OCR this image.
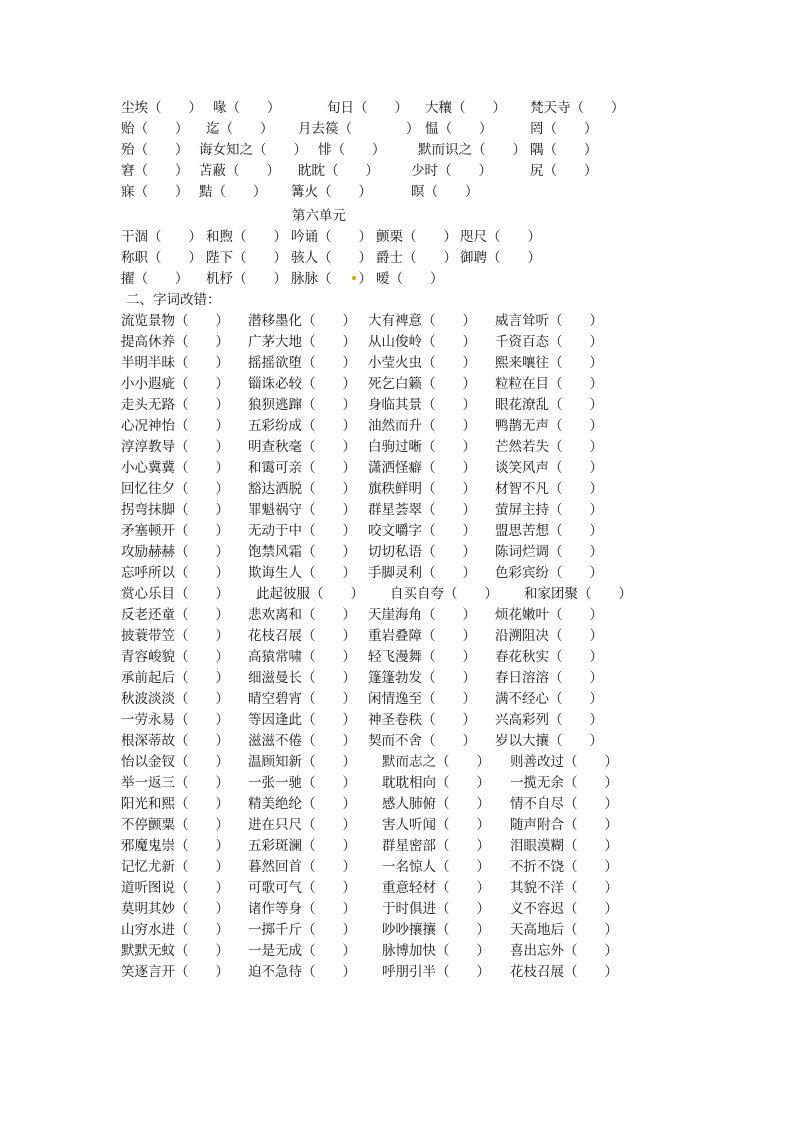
第六单元
二、字词改错：
尘埃（　　） 喙（　　）	旬日（　　） 大穰（　　） 梵天寺（　　）
贻（　　） 迄（　　） 月去篌（　　　　） 愠（　　）	罔（　　）
殆（　　） 诲女知之（　　） 悱（　　） 默而识之（　　） 隅（　　）
窘（　　） 苫蔽（　　） 眈眈（　　） 少时（　　）	尻（　　）
寐（　　） 黠（　　） 篝火（　　）	暝（　　）
干涸（　　） 和煦（　　） 吟诵（　　） 颤栗（　　） 咫尺（　　）
称职（　　） 陛下（　　） 骇人（　　） 爵士（　　） 御聘（　　）
擢（　　） 机杼（　　） 脉脉（　　） 嗳（　　）
流览景物（　　） 潜移墨化（　　） 大有裨意（　　） 威言耸听（　　）
提高休养（　　） 广茅大地（　　） 从山俊岭（　　） 千资百态（　　）
半明半昧（　　） 摇摇欲堕（　　） 小莹火虫（　　） 熙来嚷往（　　）
小小遐疵（　　） 锱诛必较（　　） 死乞白籁（　　） 粒粒在目（　　）
走头无路（　　） 狼狈逃蹿（　　） 身临其景（　　） 眼花潦乱（　　）
心况神怡（　　） 五彩纷成（　　） 油然而升（　　） 鸭鹊无声（　　）
淳淳教导（　　） 明查秋毫（　　） 白驹过晰（　　） 芒然若失（　　）
小心冀冀（　　） 和霭可亲（　　） 潇洒怪癖（　　） 谈笑风声（　　）
回忆往夕（　　） 豁达洒脱（　　） 旗秩鲜明（　　） 材智不凡（　　）
拐弯抹脚（　　） 罪魁祸守（　　） 群星荟翠（　　） 萤屏主持（　　）
矛塞顿开（　　） 无动于中（　　） 咬文嚼字（　　） 盟思苦想（　　）
攻励赫赫（　　） 饱禁风霜（　　） 切切私语（　　） 陈词烂调（　　）
忘呼所以（　　） 欺诲生人（　　） 手脚灵利（　　） 色彩宾纷（　　）
赏心乐目（　　） 此起彼服（　　） 自买自夸（　　） 和家团聚（　　）
反老还童（　　） 悲欢离和（　　） 天崖海角（　　） 烦花嫩叶（　　）
披蓑带笠（　　） 花枝召展（　　） 重岩叠障（　　） 沿溯阻决（　　）
青容峻貌（　　） 高猿常啸（　　） 轻飞漫舞（　　） 春花秋实（　　）
承前起后（　　） 细滋曼长（　　） 篷篷勃发（　　） 春日溶溶（　　）
秋波淡淡（　　） 晴空碧宵（　　） 闲情逸至（　　） 满不经心（　　）
一劳永易（　　） 等因逢此（　　） 神圣卷秩（　　） 兴高彩列（　　）
根深蒂故（　　） 滋滋不倦（　　） 契而不舍（　　） 岁以大攘（　　）
怡以金钗（　　） 温顾知新（　　） 默而志之（　　） 则善改过（　　）
举一返三（　　） 一张一驰（　　） 耽耽相向（　　） 一揽无余（　　）
阳光和熙（　　） 精美绝纶（　　） 感人肺俯（　　） 情不自尽（　　）
不停颤粟（　　） 进在只尺（　　） 害人听闻（　　） 随声附合（　　）
邪魔鬼崇（　　） 五彩斑澜（　　） 群星密部（　　） 泪眼漠糊（　　）
记忆尤新（　　） 暮然回首（　　） 一名惊人（　　） 不折不饶（　　）
道听图说（　　） 可歌可气（　　） 重意轻材（　　） 其貌不洋（　　）
莫明其妙（　　） 诸作等身（　　） 于时俱进（　　） 义不容迟（　　）
山穷水进（　　） 一掷千斤（　　） 吵吵攘攘（　　） 天高地后（　　）
默默无蚊（　　） 一是无成（　　） 脉博加快（　　） 喜出忘外（　　）
笑逐言开（　　） 迫不急待（　　） 呼朋引半（　　） 花枝召展（　　）
